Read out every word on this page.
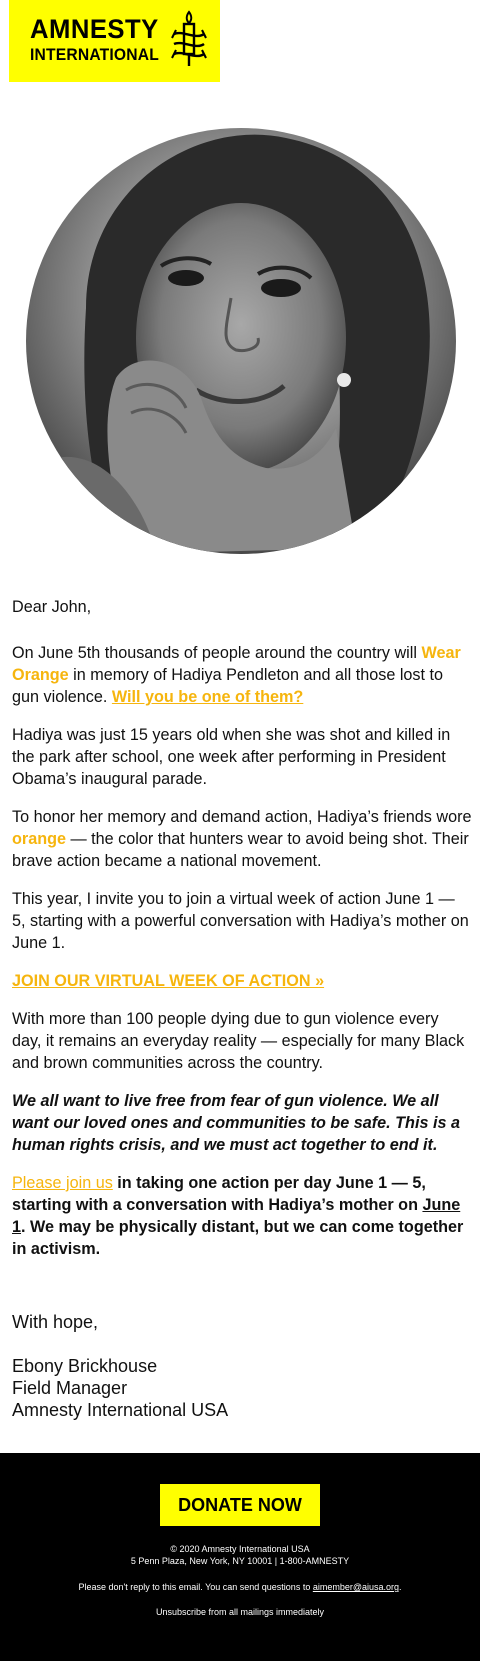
AMNESTY
INTERNATIONAL

Dear John,

On June 5th thousands of people around the country will Wear Orange in memory of Hadiya Pendleton and all those lost to gun violence. Will you be one of them?

Hadiya was just 15 years old when she was shot and killed in the park after school, one week after performing in President Obama’s inaugural parade.

To honor her memory and demand action, Hadiya’s friends wore orange — the color that hunters wear to avoid being shot. Their brave action became a national movement.

This year, I invite you to join a virtual week of action June 1 — 5, starting with a powerful conversation with Hadiya’s mother on June 1.

JOIN OUR VIRTUAL WEEK OF ACTION »

With more than 100 people dying due to gun violence every day, it remains an everyday reality — especially for many Black and brown communities across the country.

We all want to live free from fear of gun violence. We all want our loved ones and communities to be safe. This is a human rights crisis, and we must act together to end it.

Please join us in taking one action per day June 1 — 5, starting with a conversation with Hadiya’s mother on June 1. We may be physically distant, but we can come together in activism.

With hope,
Ebony Brickhouse
Field Manager
Amnesty International USA
DONATE NOW
© 2020 Amnesty International USA
5 Penn Plaza, New York, NY 10001 | 1-800-AMNESTY
Please don't reply to this email. You can send questions to aimember@aiusa.org.
Unsubscribe from all mailings immediately
